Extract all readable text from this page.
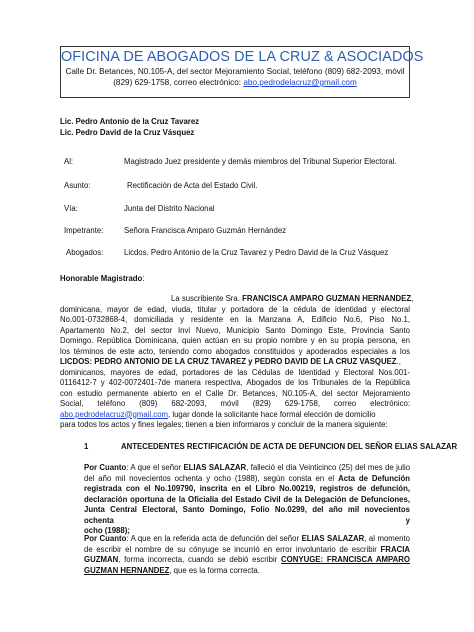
OFICINA DE ABOGADOS DE LA CRUZ & ASOCIADOS
Calle Dr. Betances, N0.105-A, del sector Mejoramiento Social, teléfono (809) 682-2093, móvil
(829) 629-1758, correo electrónico: abo.pedrodelacruz@gmail.com
Lic. Pedro Antonio de la Cruz Tavarez
Lic. Pedro David de la Cruz Vásquez
Al:	Magistrado Juez presidente y demás miembros del Tribunal Superior Electoral.
Asunto:	Rectificación de Acta del Estado Civil.
Vía:	Junta del Distrito Nacional
Impetrante:	Señora Francisca Amparo Guzmán Hernández
Abogados:	Licdos. Pedro Antonio de la Cruz Tavarez y Pedro David de la Cruz Vásquez
Honorable Magistrado:
La suscribiente Sra. FRANCISCA AMPARO GUZMAN HERNANDEZ,
dominicana, mayor de edad, viuda, titular y portadora de la cédula de identidad y electoral
No.001-0732868-4, domiciliada y residente en la Manzana A, Edificio No.6, Piso No.1,
Apartamento No.2, del sector Invi Nuevo, Municipio Santo Domingo Este, Provincia Santo
Domingo. República Dominicana, quien actúan en su propio nombre y en su propia persona, en
los términos de este acto, teniendo como abogados constituidos y apoderados especiales a los
LICDOS: PEDRO ANTONIO DE LA CRUZ TAVAREZ y PEDRO DAVID DE LA CRUZ VASQUEZ.,
dominicanos, mayores de edad, portadores de las Cédulas de Identidad y Electoral Nos.001-
0116412-7 y 402-0072401-7de manera respectiva, Abogados de los Tribunales de la República
con estudio permanente abierto en el Calle Dr. Betances, N0.105-A, del sector Mejoramiento
Social, teléfono (809) 682-2093, móvil (829) 629-1758, correo electrónico:
abo.pedrodelacruz@gmail.com, lugar donde la solicitante hace formal elección de domicilio
para todos los actos y fines legales; tienen a bien informaros y concluir de la manera siguiente:
1	ANTECEDENTES RECTIFICACIÓN DE ACTA DE DEFUNCION DEL SEÑOR ELIAS SALAZAR
Por Cuanto: A que el señor ELIAS SALAZAR, falleció el día Veinticinco (25) del mes de julio
del año mil novecientos ochenta y ocho (1988), según consta en el Acta de Defunción
registrada con el No.109790, inscrita en el Libro No.00219, registros de defunción,
declaración oportuna de la Oficialía del Estado Civil de la Delegación de Defunciones,
Junta Central Electoral, Santo Domingo, Folio No.0299, del año mil novecientos ochenta y
ocho (1988);
Por Cuanto: A que en la referida acta de defunción del señor ELIAS SALAZAR, al momento
de escribir el nombre de su cónyuge se incurrió en error involuntario de escribir FRACIA
GUZMAN, forma incorrecta, cuando se debió escribir CONYUGE: FRANCISCA AMPARO
GUZMAN HERNANDEZ, que es la forma correcta.
